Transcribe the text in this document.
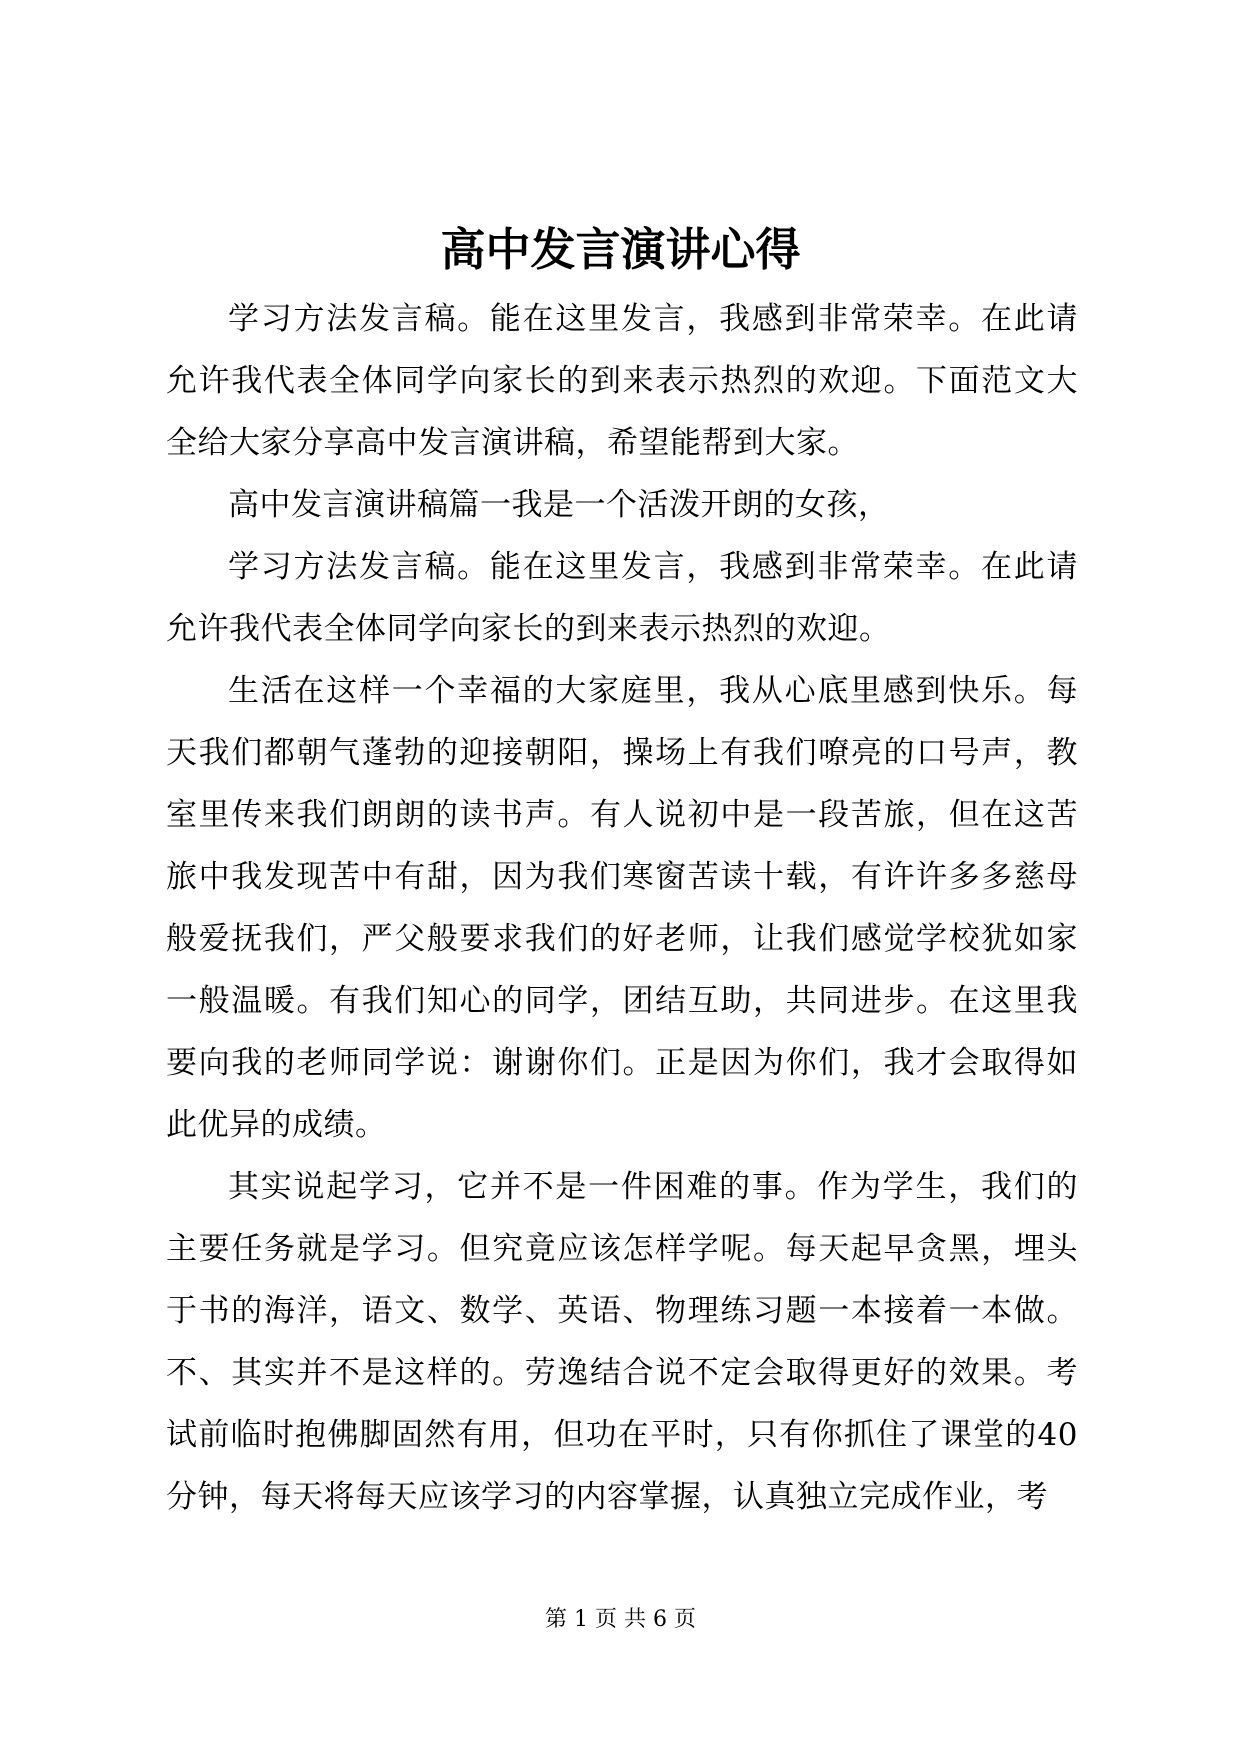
高中发言演讲心得

学习方法发言稿。能在这里发言，我感到非常荣幸。在此请允许我代表全体同学向家长的到来表示热烈的欢迎。下面范文大全给大家分享高中发言演讲稿，希望能帮到大家。

高中发言演讲稿篇一我是一个活泼开朗的女孩，

学习方法发言稿。能在这里发言，我感到非常荣幸。在此请允许我代表全体同学向家长的到来表示热烈的欢迎。

生活在这样一个幸福的大家庭里，我从心底里感到快乐。每天我们都朝气蓬勃的迎接朝阳，操场上有我们嘹亮的口号声，教室里传来我们朗朗的读书声。有人说初中是一段苦旅，但在这苦旅中我发现苦中有甜，因为我们寒窗苦读十载，有许许多多慈母般爱抚我们，严父般要求我们的好老师，让我们感觉学校犹如家一般温暖。有我们知心的同学，团结互助，共同进步。在这里我要向我的老师同学说：谢谢你们。正是因为你们，我才会取得如此优异的成绩。

其实说起学习，它并不是一件困难的事。作为学生，我们的主要任务就是学习。但究竟应该怎样学呢。每天起早贪黑，埋头于书的海洋，语文、数学、英语、物理练习题一本接着一本做。不、其实并不是这样的。劳逸结合说不定会取得更好的效果。考试前临时抱佛脚固然有用，但功在平时，只有你抓住了课堂的40分钟，每天将每天应该学习的内容掌握，认真独立完成作业，考

第 1 页 共 6 页
